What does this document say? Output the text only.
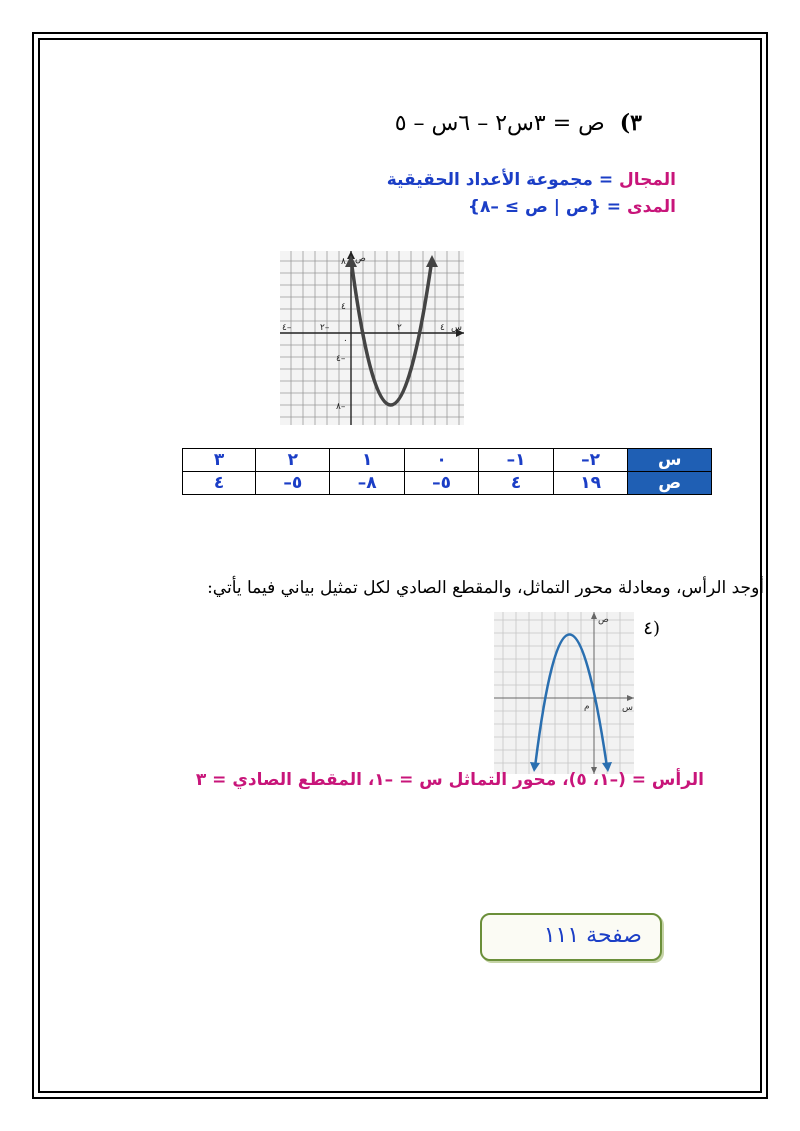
٣) ص = ٣س٢ – ٦س – ٥
المجال = مجموعة الأعداد الحقيقية
المدى = {ص | ص ≥ –٨}
س
ص
٤
٢
٢–
٤–
٨
٤
٤–
٨–
٠
س	٢–	١–	٠	١	٢	٣
ص	١٩	٤	٥–	٨–	٥–	٤
أوجد الرأس، ومعادلة محور التماثل، والمقطع الصادي لكل تمثيل بياني فيما يأتي:
٤)
س
ص
م
الرأس = (–١، ٥)، محور التماثل س = –١، المقطع الصادي = ٣
صفحة ١١١
